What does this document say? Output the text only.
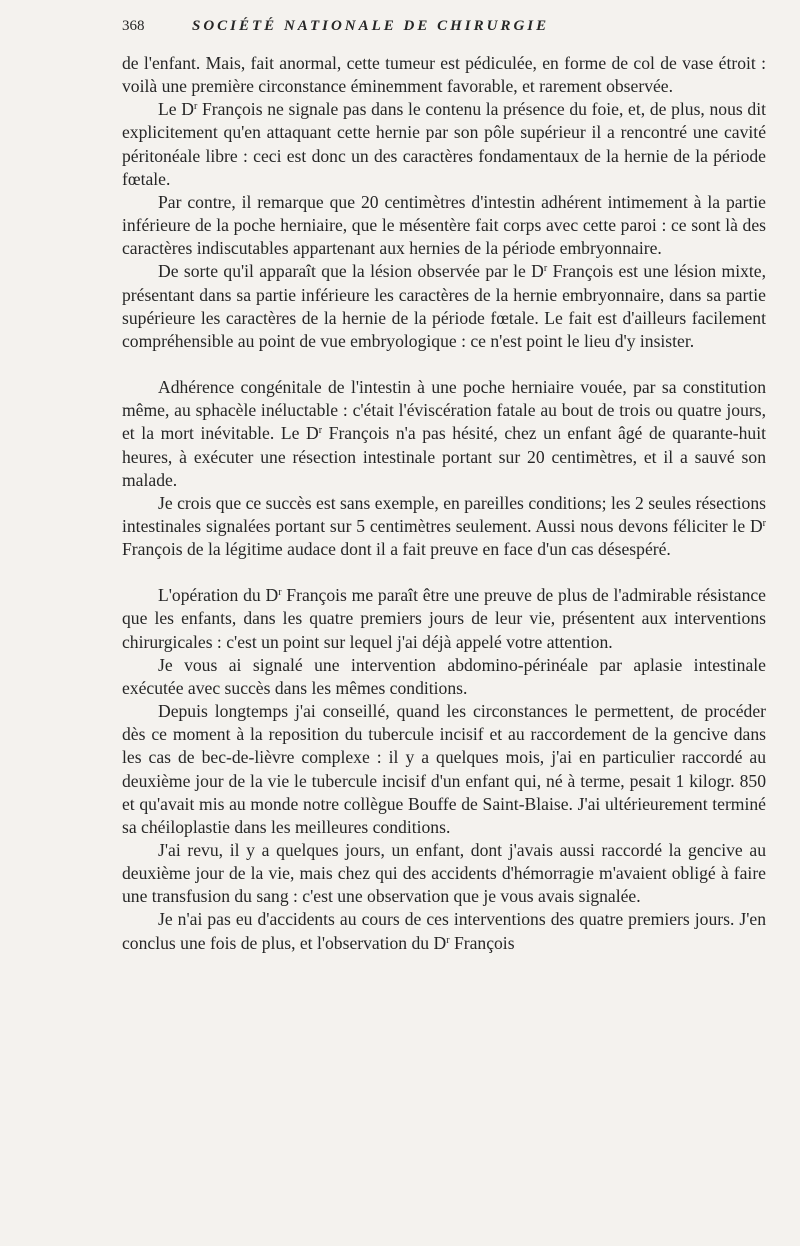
368	SOCIÉTÉ NATIONALE DE CHIRURGIE

de l'enfant. Mais, fait anormal, cette tumeur est pédiculée, en forme de col de vase étroit : voilà une première circonstance éminemment favorable, et rarement observée.

Le $D^r$ François ne signale pas dans le contenu la présence du foie, et, de plus, nous dit explicitement qu'en attaquant cette hernie par son pôle supérieur il a rencontré une cavité péritonéale libre : ceci est donc un des caractères fondamentaux de la hernie de la période fœtale.

Par contre, il remarque que 20 centimètres d'intestin adhérent intimement à la partie inférieure de la poche herniaire, que le mésentère fait corps avec cette paroi : ce sont là des caractères indiscutables appartenant aux hernies de la période embryonnaire.

De sorte qu'il apparaît que la lésion observée par le $D^r$ François est une lésion mixte, présentant dans sa partie inférieure les caractères de la hernie embryonnaire, dans sa partie supérieure les caractères de la hernie de la période fœtale. Le fait est d'ailleurs facilement compréhensible au point de vue embryologique : ce n'est point le lieu d'y insister.

Adhérence congénitale de l'intestin à une poche herniaire vouée, par sa constitution même, au sphacèle inéluctable : c'était l'éviscération fatale au bout de trois ou quatre jours, et la mort inévitable. Le $D^r$ François n'a pas hésité, chez un enfant âgé de quarante-huit heures, à exécuter une résection intestinale portant sur 20 centimètres, et il a sauvé son malade.

Je crois que ce succès est sans exemple, en pareilles conditions; les 2 seules résections intestinales signalées portant sur 5 centimètres seulement. Aussi nous devons féliciter le $D^r$ François de la légitime audace dont il a fait preuve en face d'un cas désespéré.

L'opération du $D^r$ François me paraît être une preuve de plus de l'admirable résistance que les enfants, dans les quatre premiers jours de leur vie, présentent aux interventions chirurgicales : c'est un point sur lequel j'ai déjà appelé votre attention.

Je vous ai signalé une intervention abdomino-périnéale par aplasie intestinale exécutée avec succès dans les mêmes conditions.

Depuis longtemps j'ai conseillé, quand les circonstances le permettent, de procéder dès ce moment à la reposition du tubercule incisif et au raccordement de la gencive dans les cas de bec-de-lièvre complexe : il y a quelques mois, j'ai en particulier raccordé au deuxième jour de la vie le tubercule incisif d'un enfant qui, né à terme, pesait 1 kilogr. 850 et qu'avait mis au monde notre collègue Bouffe de Saint-Blaise. J'ai ultérieurement terminé sa chéiloplastie dans les meilleures conditions.

J'ai revu, il y a quelques jours, un enfant, dont j'avais aussi raccordé la gencive au deuxième jour de la vie, mais chez qui des accidents d'hémorragie m'avaient obligé à faire une transfusion du sang : c'est une observation que je vous avais signalée.

Je n'ai pas eu d'accidents au cours de ces interventions des quatre premiers jours. J'en conclus une fois de plus, et l'observation du $D^r$ François
